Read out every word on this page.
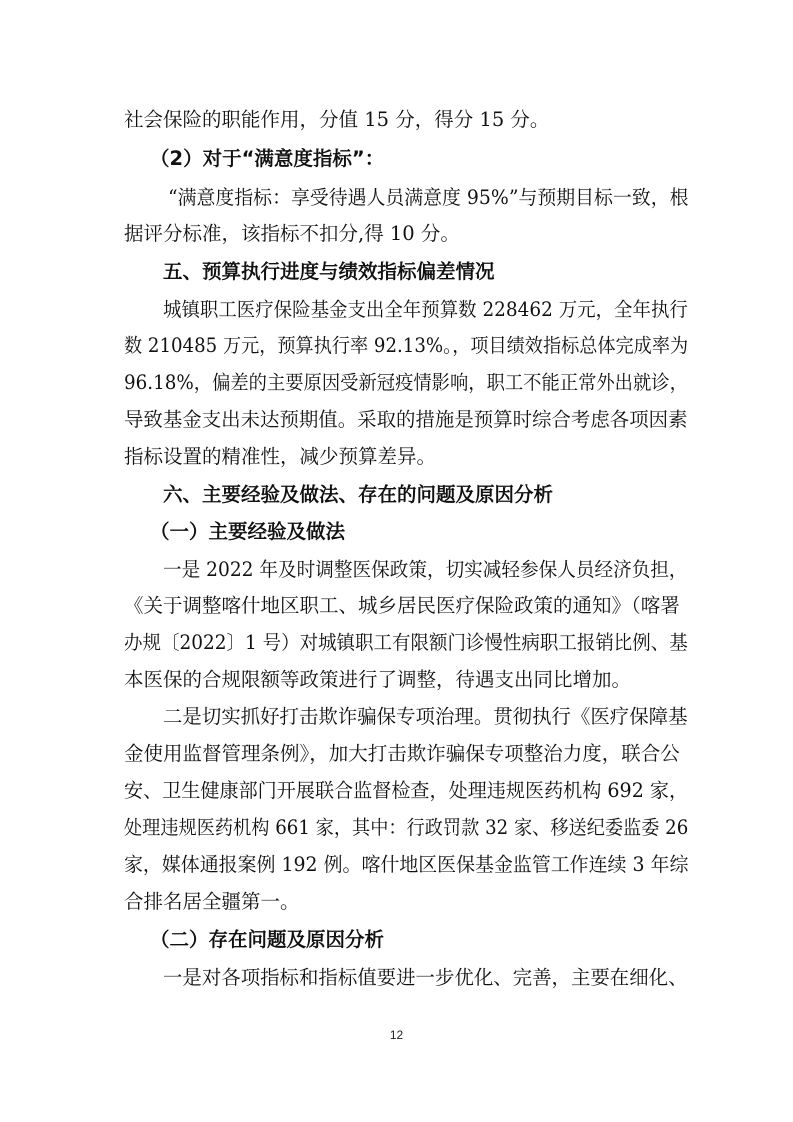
社会保险的职能作用，分值 15 分，得分 15 分。
（2）对于“满意度指标”：
“满意度指标：享受待遇人员满意度 95%”与预期目标一致，根
据评分标准，该指标不扣分,得 10 分。
五、预算执行进度与绩效指标偏差情况
城镇职工医疗保险基金支出全年预算数 228462 万元，全年执行
数 210485 万元，预算执行率 92.13%。，项目绩效指标总体完成率为
96.18%，偏差的主要原因受新冠疫情影响，职工不能正常外出就诊，
导致基金支出未达预期值。采取的措施是预算时综合考虑各项因素
指标设置的精准性，减少预算差异。
六、主要经验及做法、存在的问题及原因分析
（一）主要经验及做法
一是 2022 年及时调整医保政策，切实减轻参保人员经济负担，
《关于调整喀什地区职工、城乡居民医疗保险政策的通知》（喀署
办规〔2022〕1 号）对城镇职工有限额门诊慢性病职工报销比例、基
本医保的合规限额等政策进行了调整，待遇支出同比增加。
二是切实抓好打击欺诈骗保专项治理。贯彻执行《医疗保障基
金使用监督管理条例》，加大打击欺诈骗保专项整治力度，联合公
安、卫生健康部门开展联合监督检查，处理违规医药机构 692 家，
处理违规医药机构 661 家，其中：行政罚款 32 家、移送纪委监委 26
家，媒体通报案例 192 例。喀什地区医保基金监管工作连续 3 年综
合排名居全疆第一。
（二）存在问题及原因分析
一是对各项指标和指标值要进一步优化、完善，主要在细化、
12
